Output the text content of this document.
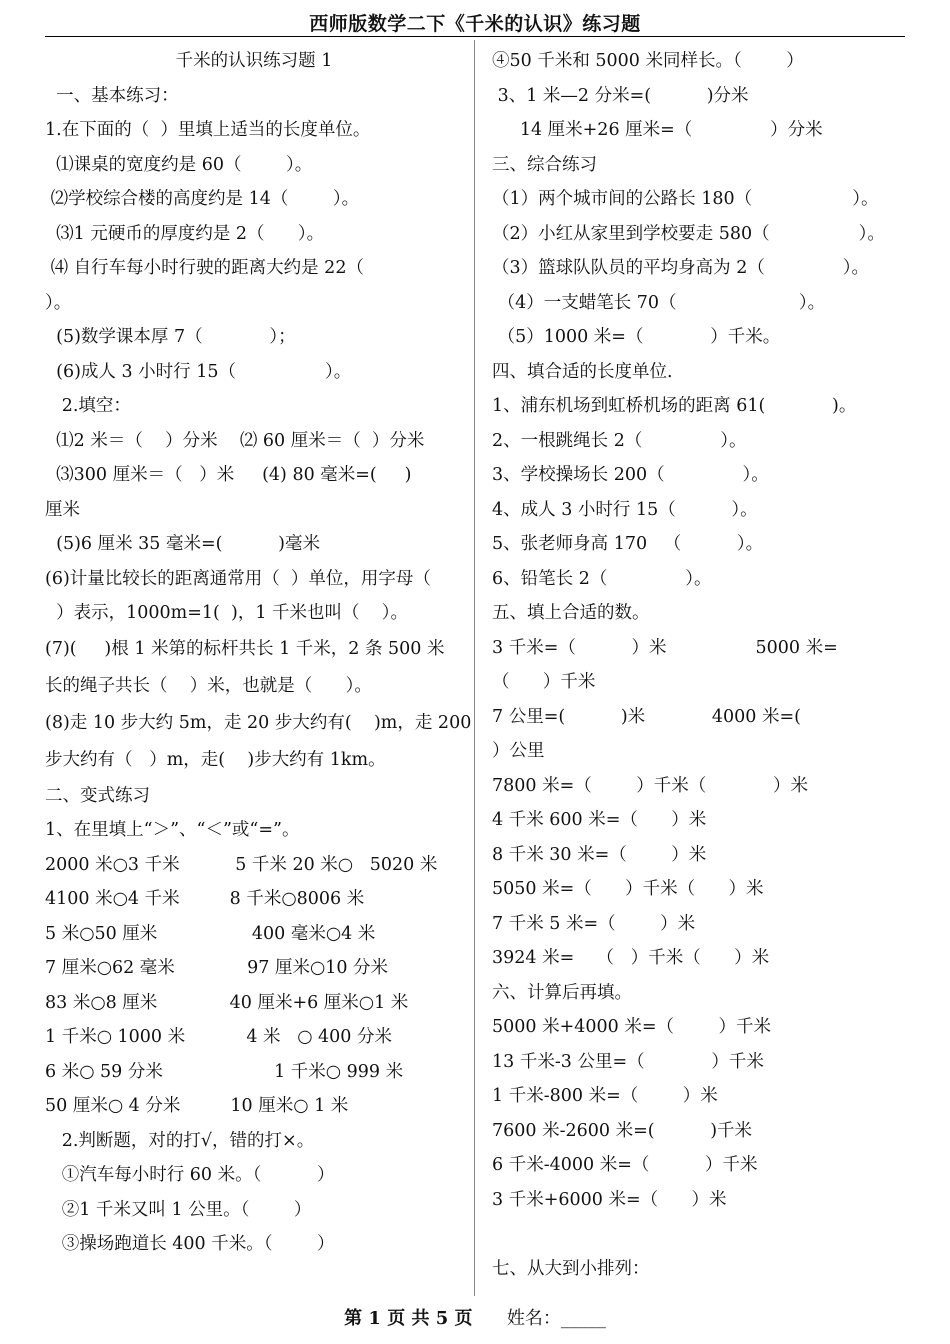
西师版数学二下《千米的认识》练习题
千米的认识练习题 1
一、基本练习：
1.在下面的（  ）里填上适当的长度单位。
⑴课桌的宽度约是 60（        ）。
⑵学校综合楼的高度约是 14（        ）。
⑶1 元硬币的厚度约是 2（      ）。
⑷ 自行车每小时行驶的距离大约是 22（
）。
(5)数学课本厚 7（            ）；
(6)成人 3 小时行 15（                ）。
2.填空：
⑴2 米＝（    ）分米    ⑵ 60 厘米＝（  ）分米
⑶300 厘米＝（   ）米     (4) 80 毫米=(     )
厘米
(5)6 厘米 35 毫米=(          )毫米
(6)计量比较长的距离通常用（  ）单位，用字母（
）表示，1000m=1(  )，1 千米也叫（    ）。
(7)(     )根 1 米第的标杆共长 1 千米，2 条 500 米
长的绳子共长（    ）米，也就是（      ）。
(8)走 10 步大约 5m，走 20 步大约有(    )m，走 200
步大约有（   ）m，走(    )步大约有 1km。
二、变式练习
1、在里填上“＞”、“＜”或“=”。
2000 米○3 千米          5 千米 20 米○   5020 米
4100 米○4 千米         8 千米○8006 米
5 米○50 厘米                 400 毫米○4 米
7 厘米○62 毫米             97 厘米○10 分米
83 米○8 厘米             40 厘米+6 厘米○1 米
1 千米○ 1000 米           4 米   ○ 400 分米
6 米○ 59 分米                    1 千米○ 999 米
50 厘米○ 4 分米         10 厘米○ 1 米
2.判断题，对的打√，错的打×。
①汽车每小时行 60 米。（          ）
②1 千米又叫 1 公里。（        ）
③操场跑道长 400 千米。（        ）
④50 千米和 5000 米同样长。（        ）
3、1 米—2 分米=(          )分米
14 厘米+26 厘米=（              ）分米
三、综合练习
（1）两个城市间的公路长 180（                  ）。
（2）小红从家里到学校要走 580（                ）。
（3）篮球队队员的平均身高为 2（              ）。
（4）一支蜡笔长 70（                      ）。
（5）1000 米=（            ）千米。
四、填合适的长度单位.
1、浦东机场到虹桥机场的距离 61(            )。
2、一根跳绳长 2（              ）。
3、学校操场长 200（              ）。
4、成人 3 小时行 15（          ）。
5、张老师身高 170   （          ）。
6、铅笔长 2（              ）。
五、填上合适的数。
3 千米=（          ）米                5000 米=
（      ）千米
7 公里=(          )米            4000 米=(
）公里
7800 米=（        ）千米（            ）米
4 千米 600 米=（      ）米
8 千米 30 米=（        ）米
5050 米=（      ）千米（      ）米
7 千米 5 米=（        ）米
3924 米=    （   ）千米（      ）米
六、计算后再填。
5000 米+4000 米=（        ）千米
13 千米-3 公里=（            ）千米
1 千米-800 米=（        ）米
7600 米-2600 米=(          )千米
6 千米-4000 米=（          ）千米
3 千米+6000 米=（      ）米
七、从大到小排列：
第 1 页 共 5 页      姓名：_____
